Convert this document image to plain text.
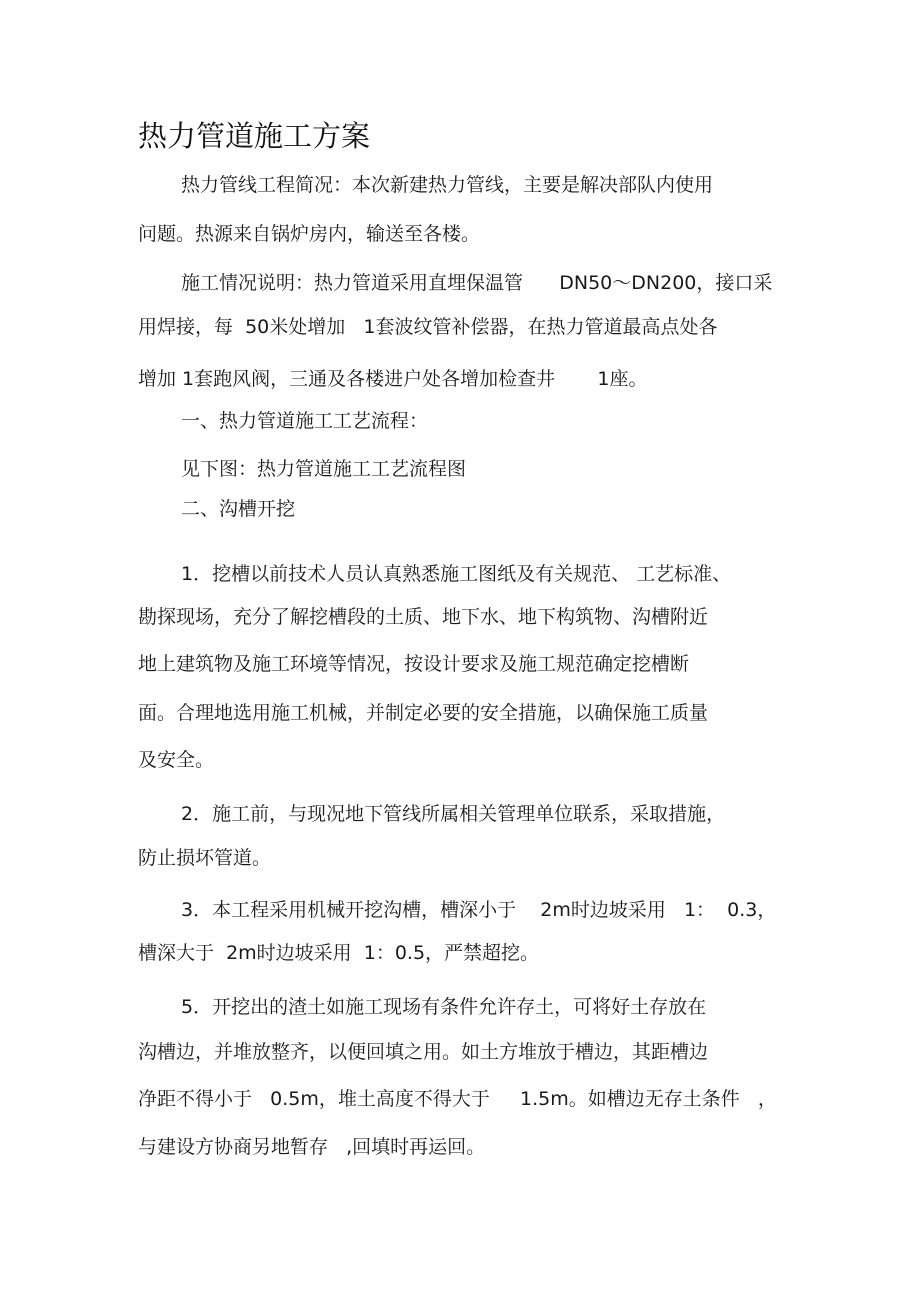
热力管道施工方案
热力管线工程简况：本次新建热力管线，主要是解决部队内使用
问题。热源来自锅炉房内，输送至各楼。
施工情况说明：热力管道采用直埋保温管      DN50～DN200，接口采
用焊接，每  50米处增加   1套波纹管补偿器，在热力管道最高点处各
增加 1套跑风阀，三通及各楼进户处各增加检查井       1座。
一、热力管道施工工艺流程：
见下图：热力管道施工工艺流程图
二、沟槽开挖
1．挖槽以前技术人员认真熟悉施工图纸及有关规范、 工艺标准、
勘探现场，充分了解挖槽段的土质、地下水、地下构筑物、沟槽附近
地上建筑物及施工环境等情况，按设计要求及施工规范确定挖槽断
面。合理地选用施工机械，并制定必要的安全措施，以确保施工质量
及安全。
2．施工前，与现况地下管线所属相关管理单位联系，采取措施，
防止损坏管道。
3．本工程采用机械开挖沟槽，槽深小于    2m时边坡采用   1：  0.3，
槽深大于  2m时边坡采用  1：0.5，严禁超挖。
5．开挖出的渣土如施工现场有条件允许存土，可将好土存放在
沟槽边，并堆放整齐，以便回填之用。如土方堆放于槽边，其距槽边
净距不得小于   0.5m，堆土高度不得大于     1.5m。如槽边无存土条件   ，
与建设方协商另地暂存   ,回填时再运回。
